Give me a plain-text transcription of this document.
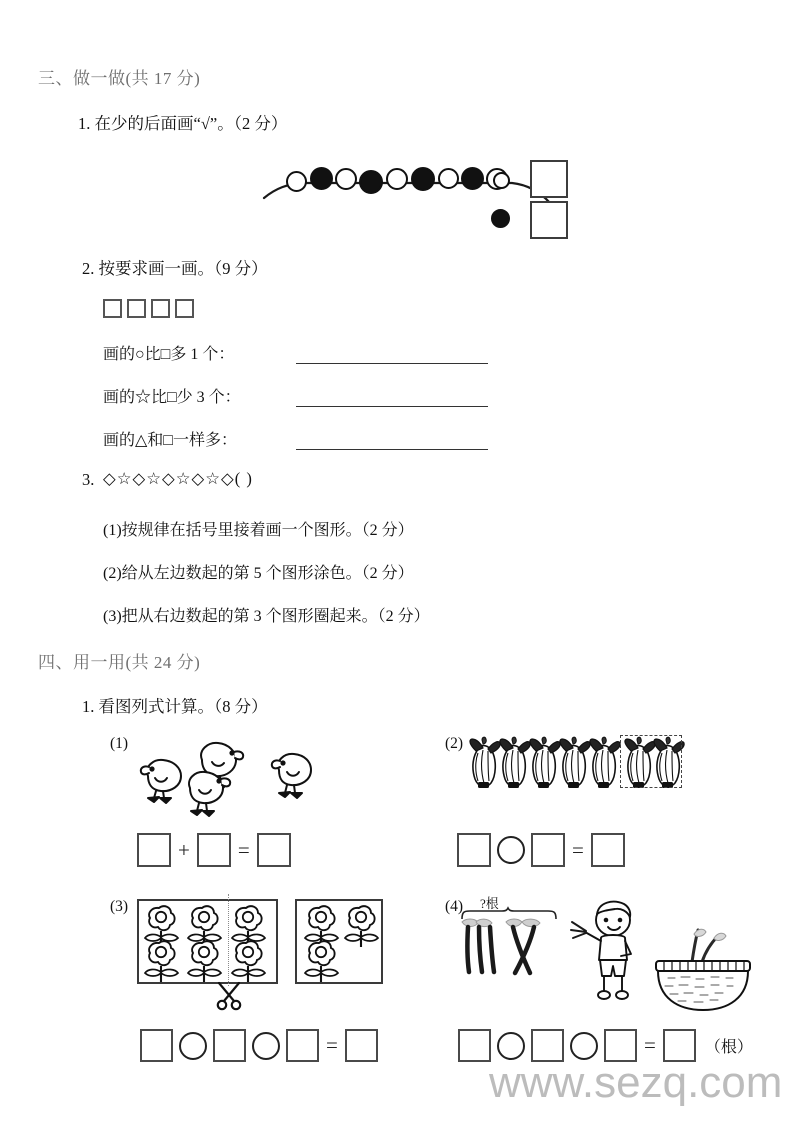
三、做一做(共 17 分)
1. 在少的后面画“√”。（2 分）
2. 按要求画一画。（9 分）
画的○比□多 1 个：
画的☆比□少 3 个：
画的△和□一样多：
3. ◇☆◇☆◇☆◇☆◇( )
(1)按规律在括号里接着画一个图形。（2 分）
(2)给从左边数起的第 5 个图形涂色。（2 分）
(3)把从右边数起的第 3 个图形圈起来。（2 分）
四、用一用(共 24 分)
1. 看图列式计算。（8 分）
(1)
+ =
(2)
=
(3)
=
(4) ?根
=	（根）
www.sezq.com
